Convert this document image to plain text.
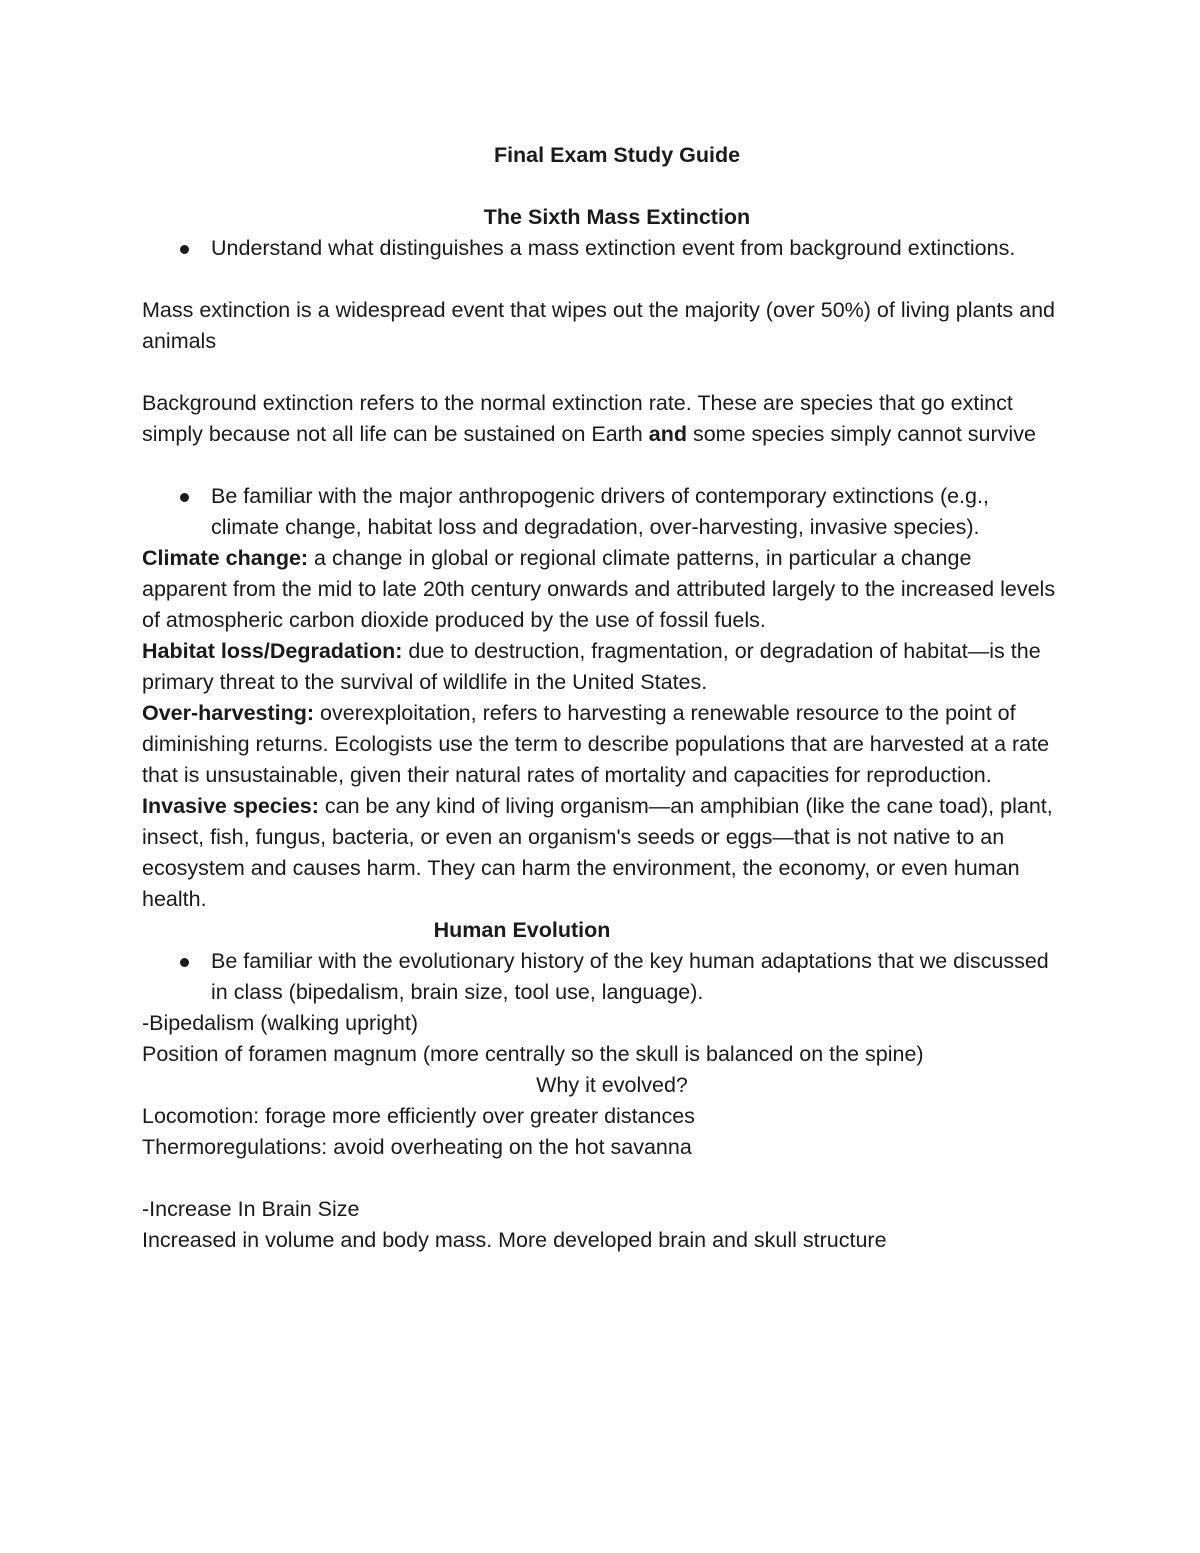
Final Exam Study Guide
The Sixth Mass Extinction
Understand what distinguishes a mass extinction event from background extinctions.

Mass extinction is a widespread event that wipes out the majority (over 50%) of living plants and animals

Background extinction refers to the normal extinction rate. These are species that go extinct simply because not all life can be sustained on Earth and some species simply cannot survive

Be familiar with the major anthropogenic drivers of contemporary extinctions (e.g., climate change, habitat loss and degradation, over-harvesting, invasive species).

Climate change: a change in global or regional climate patterns, in particular a change apparent from the mid to late 20th century onwards and attributed largely to the increased levels of atmospheric carbon dioxide produced by the use of fossil fuels.

Habitat loss/Degradation: due to destruction, fragmentation, or degradation of habitat—is the primary threat to the survival of wildlife in the United States.

Over-harvesting: overexploitation, refers to harvesting a renewable resource to the point of diminishing returns. Ecologists use the term to describe populations that are harvested at a rate that is unsustainable, given their natural rates of mortality and capacities for reproduction.

Invasive species: can be any kind of living organism—an amphibian (like the cane toad), plant, insect, fish, fungus, bacteria, or even an organism's seeds or eggs—that is not native to an ecosystem and causes harm. They can harm the environment, the economy, or even human health.

Human Evolution
Be familiar with the evolutionary history of the key human adaptations that we discussed in class (bipedalism, brain size, tool use, language).

-Bipedalism (walking upright)

Position of foramen magnum (more centrally so the skull is balanced on the spine)

Why it evolved?

Locomotion: forage more efficiently over greater distances

Thermoregulations: avoid overheating on the hot savanna

-Increase In Brain Size

Increased in volume and body mass. More developed brain and skull structure
